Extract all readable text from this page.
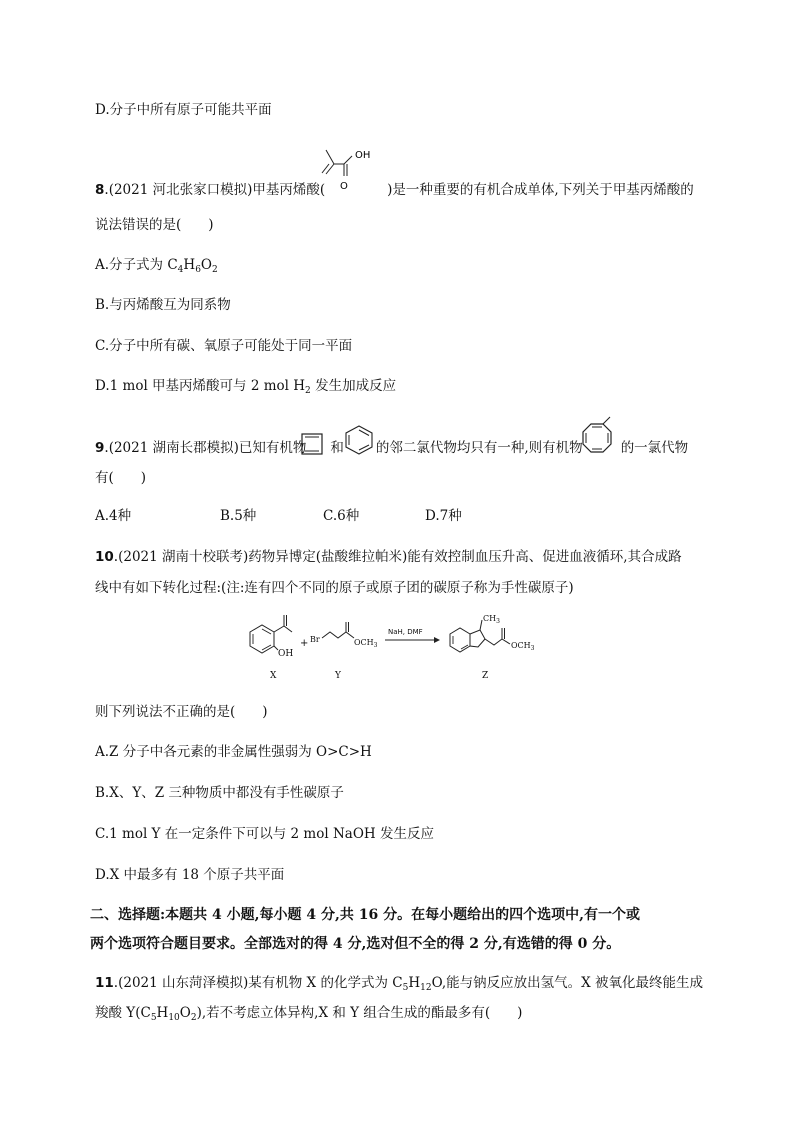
D.分子中所有原子可能共平面
OH
O
8.(2021 河北张家口模拟)甲基丙烯酸(	)是一种重要的有机合成单体,下列关于甲基丙烯酸的
说法错误的是(　　)
A.分子式为 $C_4H_6O_2$
B.与丙烯酸互为同系物
C.分子中所有碳、氧原子可能处于同一平面
D.1 mol 甲基丙烯酸可与 2 mol $H_2$ 发生加成反应
9.(2021 湖南长郡模拟)已知有机物 和 的邻二氯代物均只有一种,则有机物	的一氯代物
有(　　)
A.4种	B.5种	C.6种	D.7种
10.(2021 湖南十校联考)药物异博定(盐酸维拉帕米)能有效控制血压升高、促进血液循环,其合成路
线中有如下转化过程:(注:连有四个不同的原子或原子团的碳原子称为手性碳原子)
OH
X
+ Br	$OCH_3$
Y
NaH, DMF
$CH_3$
$OCH_3$
Z
则下列说法不正确的是(　　)
A.Z 分子中各元素的非金属性强弱为 O>C>H
B.X、Y、Z 三种物质中都没有手性碳原子
C.1 mol Y 在一定条件下可以与 2 mol NaOH 发生反应
D.X 中最多有 18 个原子共平面
二、选择题:本题共 4 小题,每小题 4 分,共 16 分。在每小题给出的四个选项中,有一个或
两个选项符合题目要求。全部选对的得 4 分,选对但不全的得 2 分,有选错的得 0 分。
11.(2021 山东菏泽模拟)某有机物 X 的化学式为 $C_5H_{12}O$,能与钠反应放出氢气。X 被氧化最终能生成
羧酸 $Y(C_5H_{10}O_2)$,若不考虑立体异构,X 和 Y 组合生成的酯最多有(　　)
